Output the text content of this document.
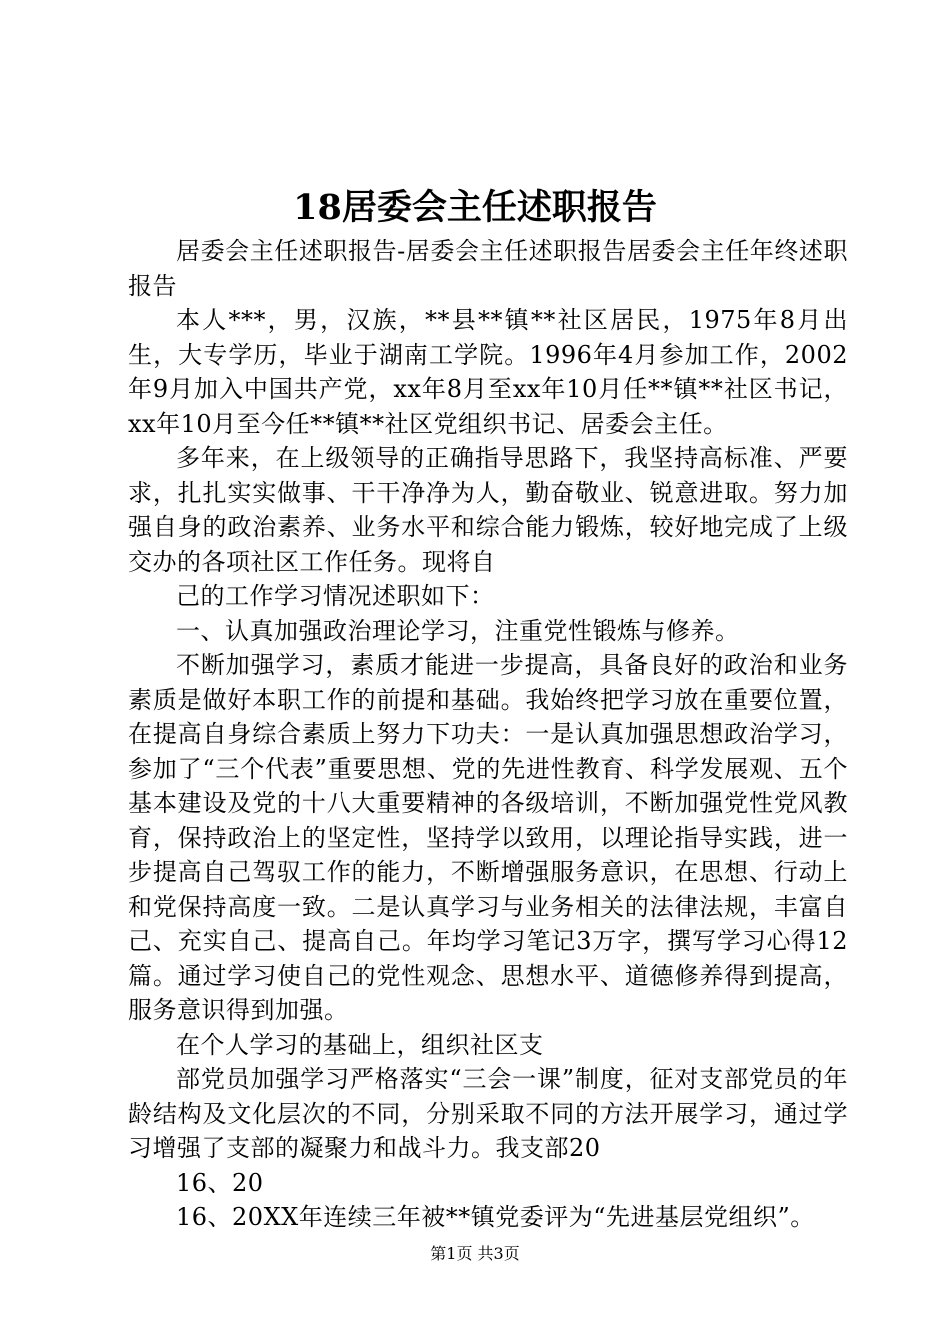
18居委会主任述职报告

居委会主任述职报告-居委会主任述职报告居委会主任年终述职报告

本人***，男，汉族，**县**镇**社区居民，1975年8月出生，大专学历，毕业于湖南工学院。1996年4月参加工作，2002年9月加入中国共产党，xx年8月至xx年10月任**镇**社区书记，xx年10月至今任**镇**社区党组织书记、居委会主任。

多年来，在上级领导的正确指导思路下，我坚持高标准、严要求，扎扎实实做事、干干净净为人，勤奋敬业、锐意进取。努力加强自身的政治素养、业务水平和综合能力锻炼，较好地完成了上级交办的各项社区工作任务。现将自

己的工作学习情况述职如下：

一、认真加强政治理论学习，注重党性锻炼与修养。

不断加强学习，素质才能进一步提高，具备良好的政治和业务素质是做好本职工作的前提和基础。我始终把学习放在重要位置，在提高自身综合素质上努力下功夫：一是认真加强思想政治学习，参加了“三个代表”重要思想、党的先进性教育、科学发展观、五个基本建设及党的十八大重要精神的各级培训，不断加强党性党风教育，保持政治上的坚定性，坚持学以致用，以理论指导实践，进一步提高自己驾驭工作的能力，不断增强服务意识，在思想、行动上和党保持高度一致。二是认真学习与业务相关的法律法规，丰富自己、充实自己、提高自己。年均学习笔记3万字，撰写学习心得12篇。通过学习使自己的党性观念、思想水平、道德修养得到提高，服务意识得到加强。

在个人学习的基础上，组织社区支

部党员加强学习严格落实“三会一课”制度，征对支部党员的年龄结构及文化层次的不同，分别采取不同的方法开展学习，通过学习增强了支部的凝聚力和战斗力。我支部20

16、20

16、20XX年连续三年被**镇党委评为“先进基层党组织”。

第1页 共3页
